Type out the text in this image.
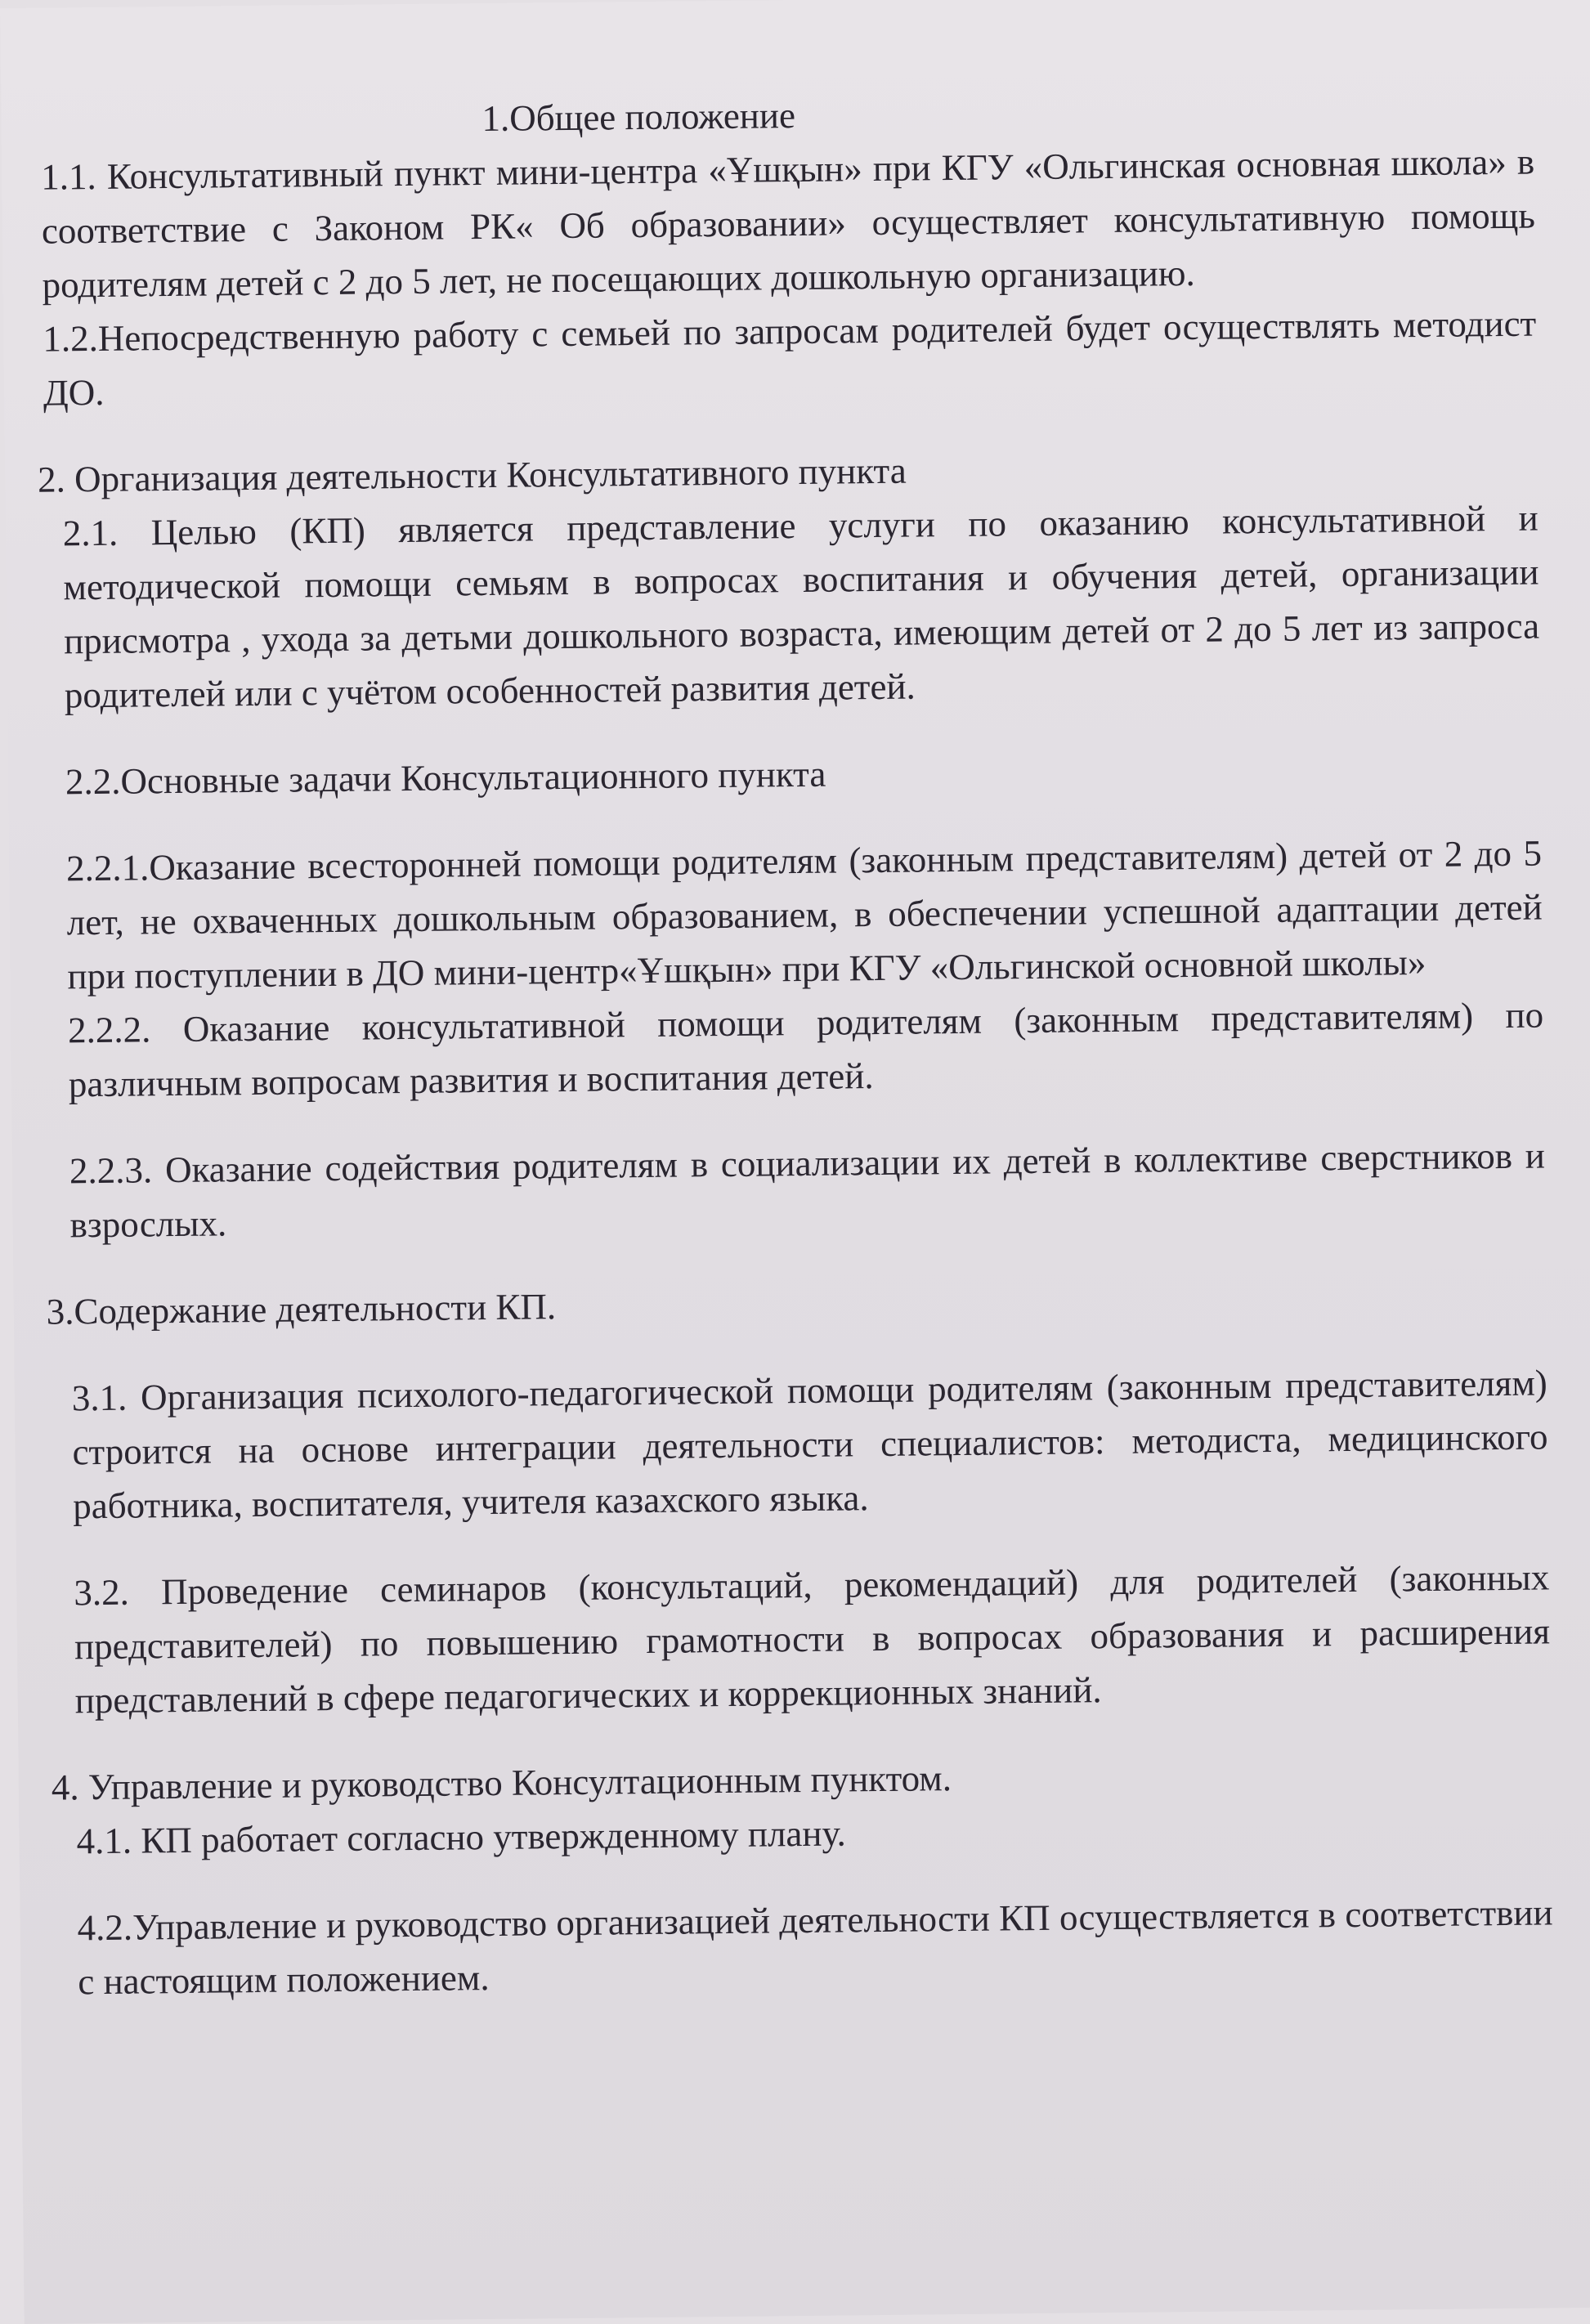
1.Общее положение

1.1. Консультативный пункт мини-центра «Ұшқын» при КГУ «Ольгинская основная школа» в соответствие с Законом РК« Об образовании» осуществляет консультативную помощь родителям детей с 2 до 5 лет, не посещающих дошкольную организацию.

1.2.Непосредственную работу с семьей по запросам родителей будет осуществлять методист ДО.

2. Организация деятельности Консультативного пункта

2.1. Целью (КП) является представление услуги по оказанию консультативной и методической помощи семьям в вопросах воспитания и обучения детей, организации присмотра , ухода за детьми дошкольного возраста, имеющим детей от 2 до 5 лет из запроса родителей или с учётом особенностей развития детей.

2.2.Основные задачи Консультационного пункта

2.2.1.Оказание всесторонней помощи родителям (законным представителям) детей от 2 до 5 лет, не охваченных дошкольным образованием, в обеспечении успешной адаптации детей при поступлении в ДО мини-центр«Ұшқын» при КГУ «Ольгинской основной школы»

2.2.2. Оказание консультативной помощи родителям (законным представителям) по различным вопросам развития и воспитания детей.

2.2.3. Оказание содействия родителям в социализации их детей в коллективе сверстников и взрослых.

3.Содержание деятельности КП.

3.1. Организация психолого-педагогической помощи родителям (законным представителям) строится на основе интеграции деятельности специалистов: методиста, медицинского работника, воспитателя, учителя казахского языка.

3.2. Проведение семинаров (консультаций, рекомендаций) для родителей (законных представителей) по повышению грамотности в вопросах образования и расширения представлений в сфере педагогических и коррекционных знаний.

4. Управление и руководство Консултационным пунктом.

4.1. КП работает согласно утвержденному плану.

4.2.Управление и руководство организацией деятельности КП осуществляется в соответствии с настоящим положением.
